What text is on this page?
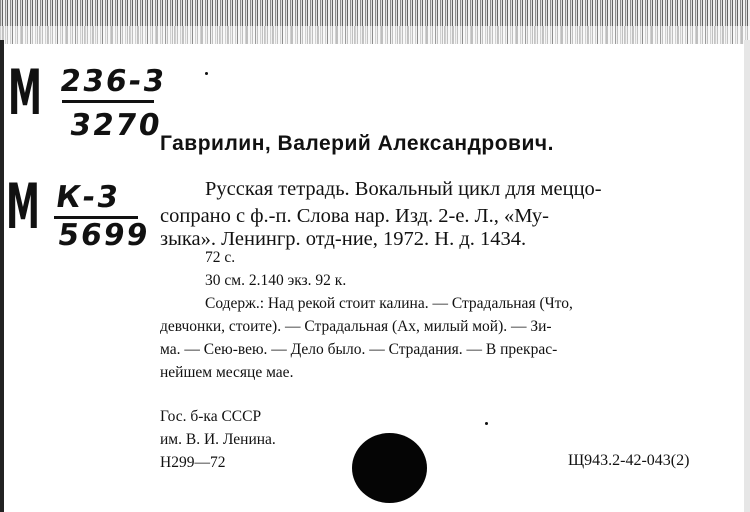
М 236-3
3270
М К-3
5699
Гаврилин, Валерий Александрович.
Русская тетрадь. Вокальный цикл для меццо-
сопрано с ф.-п. Слова нар. Изд. 2-е. Л., «Му-
зыка». Ленингр. отд-ние, 1972. Н. д. 1434.
72 с.
30 см. 2.140 экз. 92 к.
Содерж.: Над рекой стоит калина. — Страдальная (Что,
девчонки, стоите). — Страдальная (Ах, милый мой). — Зи-
ма. — Сею-вею. — Дело было. — Страдания. — В прекрас-
нейшем месяце мае.
Гос. б-ка СССР
им. В. И. Ленина.
Н299—72	Щ943.2-42-043(2)
